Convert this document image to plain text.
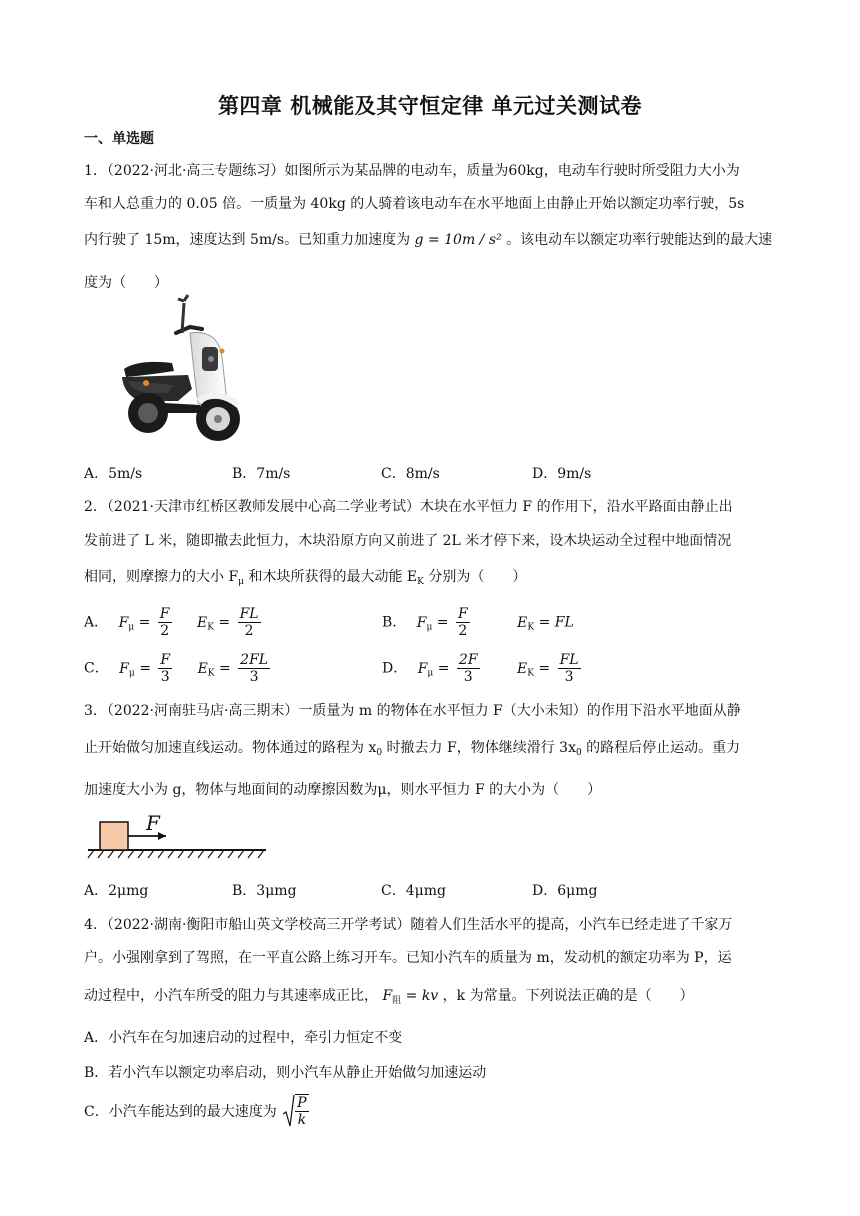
第四章 机械能及其守恒定律 单元过关测试卷
一、单选题
1．（2022·河北·高三专题练习）如图所示为某品牌的电动车，质量为60kg，电动车行驶时所受阻力大小为
车和人总重力的 0.05 倍。一质量为 40kg 的人骑着该电动车在水平地面上由静止开始以额定功率行驶，5s
内行驶了 15m，速度达到 5m/s。已知重力加速度为 g = 10m / s² 。该电动车以额定功率行驶能达到的最大速
度为（　　）
A．5m/s	B．7m/s	C．8m/s	D．9m/s
2．（2021·天津市红桥区教师发展中心高二学业考试）木块在水平恒力 F 的作用下，沿水平路面由静止出
发前进了 L 米，随即撤去此恒力，木块沿原方向又前进了 2L 米才停下来，设木块运动全过程中地面情况
相同，则摩擦力的大小 $F_\mu$ 和木块所获得的最大动能 $E_K$ 分别为（　　）
A． $F_\mu = \frac{F}{2} E_K = \frac{FL}{2}$	B． $F_\mu = \frac{F}{2}$	$E_K$ = FL
C． $F_\mu = \frac{F}{3} E_K = \frac{2FL}{3}$	D． $F_\mu = \frac{2F}{3}$	$E_K = \frac{FL}{3}$
3．（2022·河南驻马店·高三期末）一质量为 m 的物体在水平恒力 F（大小未知）的作用下沿水平地面从静
止开始做匀加速直线运动。物体通过的路程为 $x_0$ 时撤去力 F，物体继续滑行 $3x_0$ 的路程后停止运动。重力
加速度大小为 g，物体与地面间的动摩擦因数为μ，则水平恒力 F 的大小为（　　）
F
A．2μmg	B．3μmg	C．4μmg	D．6μmg
4．（2022·湖南·衡阳市船山英文学校高三开学考试）随着人们生活水平的提高，小汽车已经走进了千家万
户。小强刚拿到了驾照，在一平直公路上练习开车。已知小汽车的质量为 m，发动机的额定功率为 P，运
动过程中，小汽车所受的阻力与其速率成正比， $F_阻$ = kv ，k 为常量。下列说法正确的是（　　）
A．小汽车在匀加速启动的过程中，牵引力恒定不变
B．若小汽车以额定功率启动，则小汽车从静止开始做匀加速运动
C．小汽车能达到的最大速度为 $\frac{P}{k}$
